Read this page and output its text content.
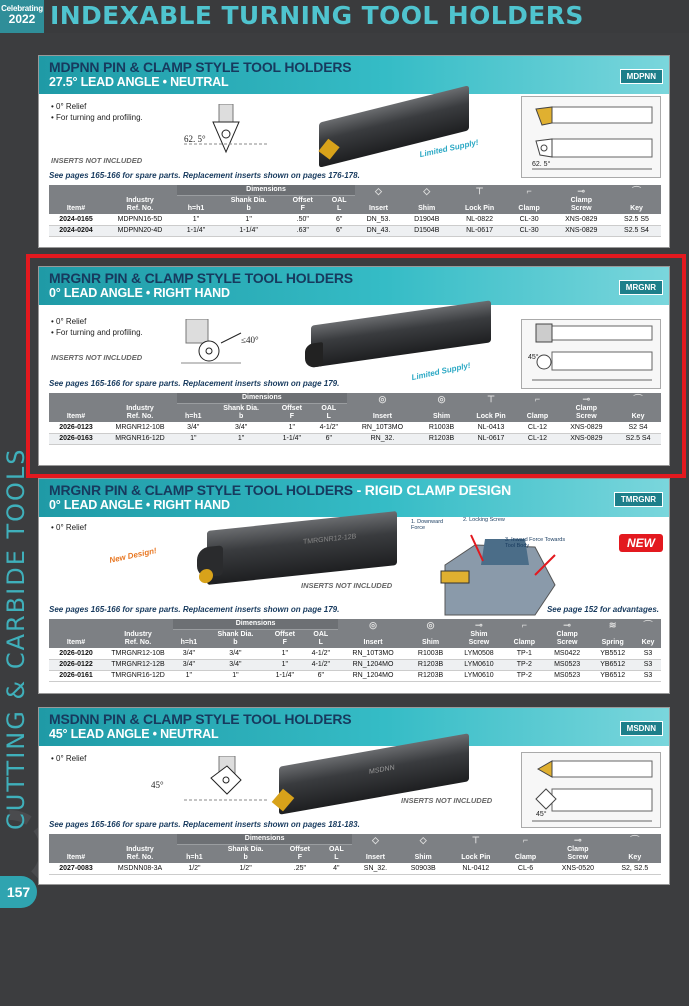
Celebrating
2022 INDEXABLE TURNING TOOL HOLDERS
CUTTING & CARBIDE TOOLS
157
MDPNN PIN & CLAMP STYLE TOOL HOLDERS
27.5° LEAD ANGLE • NEUTRAL	MDPNN
• 0° Relief
• For turning and profiling.
62. 5°
INSERTS NOT INCLUDED
Limited Supply!
62. 5°
See pages 165-166 for spare parts. Replacement inserts shown on pages 176-178.
Item#	Industry
Ref. No.	Dimensions				◇	◇	⊤	⌐	⊸	⌒
		h=h1	Shank Dia.
b	Offset
F	OAL
L	Insert	Shim	Lock Pin	Clamp	Clamp
Screw	Key
2024-0165	MDPNN16-5D	1"	1"	.50"	6"	DN_53.	D1904B	NL-0822	CL-30	XNS-0829	S2.5 S5
2024-0204	MDPNN20-4D	1-1/4"	1-1/4"	.63"	6"	DN_43.	D1504B	NL-0617	CL-30	XNS-0829	S2.5 S4
MRGNR PIN & CLAMP STYLE TOOL HOLDERS
0° LEAD ANGLE • RIGHT HAND	MRGNR
• 0° Relief
• For turning and profiling.
≤40°
INSERTS NOT INCLUDED
Limited Supply!
45°
See pages 165-166 for spare parts. Replacement inserts shown on page 179.
Item#	Industry
Ref. No.	Dimensions				◎	◎	⊤	⌐	⊸	⌒
		h=h1	Shank Dia.
b	Offset
F	OAL
L	Insert	Shim	Lock Pin	Clamp	Clamp
Screw	Key
2026-0123	MRGNR12-10B	3/4"	3/4"	1"	4-1/2"	RN_10T3MO	R1003B	NL-0413	CL-12	XNS-0829	S2 S4
2026-0163	MRGNR16-12D	1"	1"	1-1/4"	6"	RN_32.	R1203B	NL-0617	CL-12	XNS-0829	S2.5 S4
MRGNR PIN & CLAMP STYLE TOOL HOLDERS - RIGID CLAMP DESIGN
0° LEAD ANGLE • RIGHT HAND	TMRGNR
NEW
• 0° Relief
New Design!
TMRGNR12-12B
INSERTS NOT INCLUDED
1. Downward Force
2. Locking Screw
3. Inward Force Towards Tool Body
See pages 165-166 for spare parts. Replacement inserts shown on page 179.	See page 152 for advantages.
Item#	Industry
Ref. No.	Dimensions				◎	◎	⊸	⌐	⊸	≋	⌒
		h=h1	Shank Dia.
b	Offset
F	OAL
L	Insert	Shim	Shim
Screw	Clamp	Clamp
Screw	Spring	Key
2026-0120	TMRGNR12-10B	3/4"	3/4"	1"	4-1/2"	RN_10T3MO	R1003B	LYM0508	TP-1	MS0422	YB5512	S3
2026-0122	TMRGNR12-12B	3/4"	3/4"	1"	4-1/2"	RN_1204MO	R1203B	LYM0610	TP-2	MS0523	YB6512	S3
2026-0161	TMRGNR16-12D	1"	1"	1-1/4"	6"	RN_1204MO	R1203B	LYM0610	TP-2	MS0523	YB6512	S3
MSDNN PIN & CLAMP STYLE TOOL HOLDERS
45° LEAD ANGLE • NEUTRAL	MSDNN
• 0° Relief
45°
MSDNN
INSERTS NOT INCLUDED
45°
See pages 165-166 for spare parts. Replacement inserts shown on pages 181-183.
Item#	Industry
Ref. No.	Dimensions				◇	◇	⊤	⌐	⊸	⌒
		h=h1	Shank Dia.
b	Offset
F	OAL
L	Insert	Shim	Lock Pin	Clamp	Clamp
Screw	Key
2027-0083	MSDNN08-3A	1/2"	1/2"	.25"	4"	SN_32.	S0903B	NL-0412	CL-6	XNS-0520	S2, S2.5
